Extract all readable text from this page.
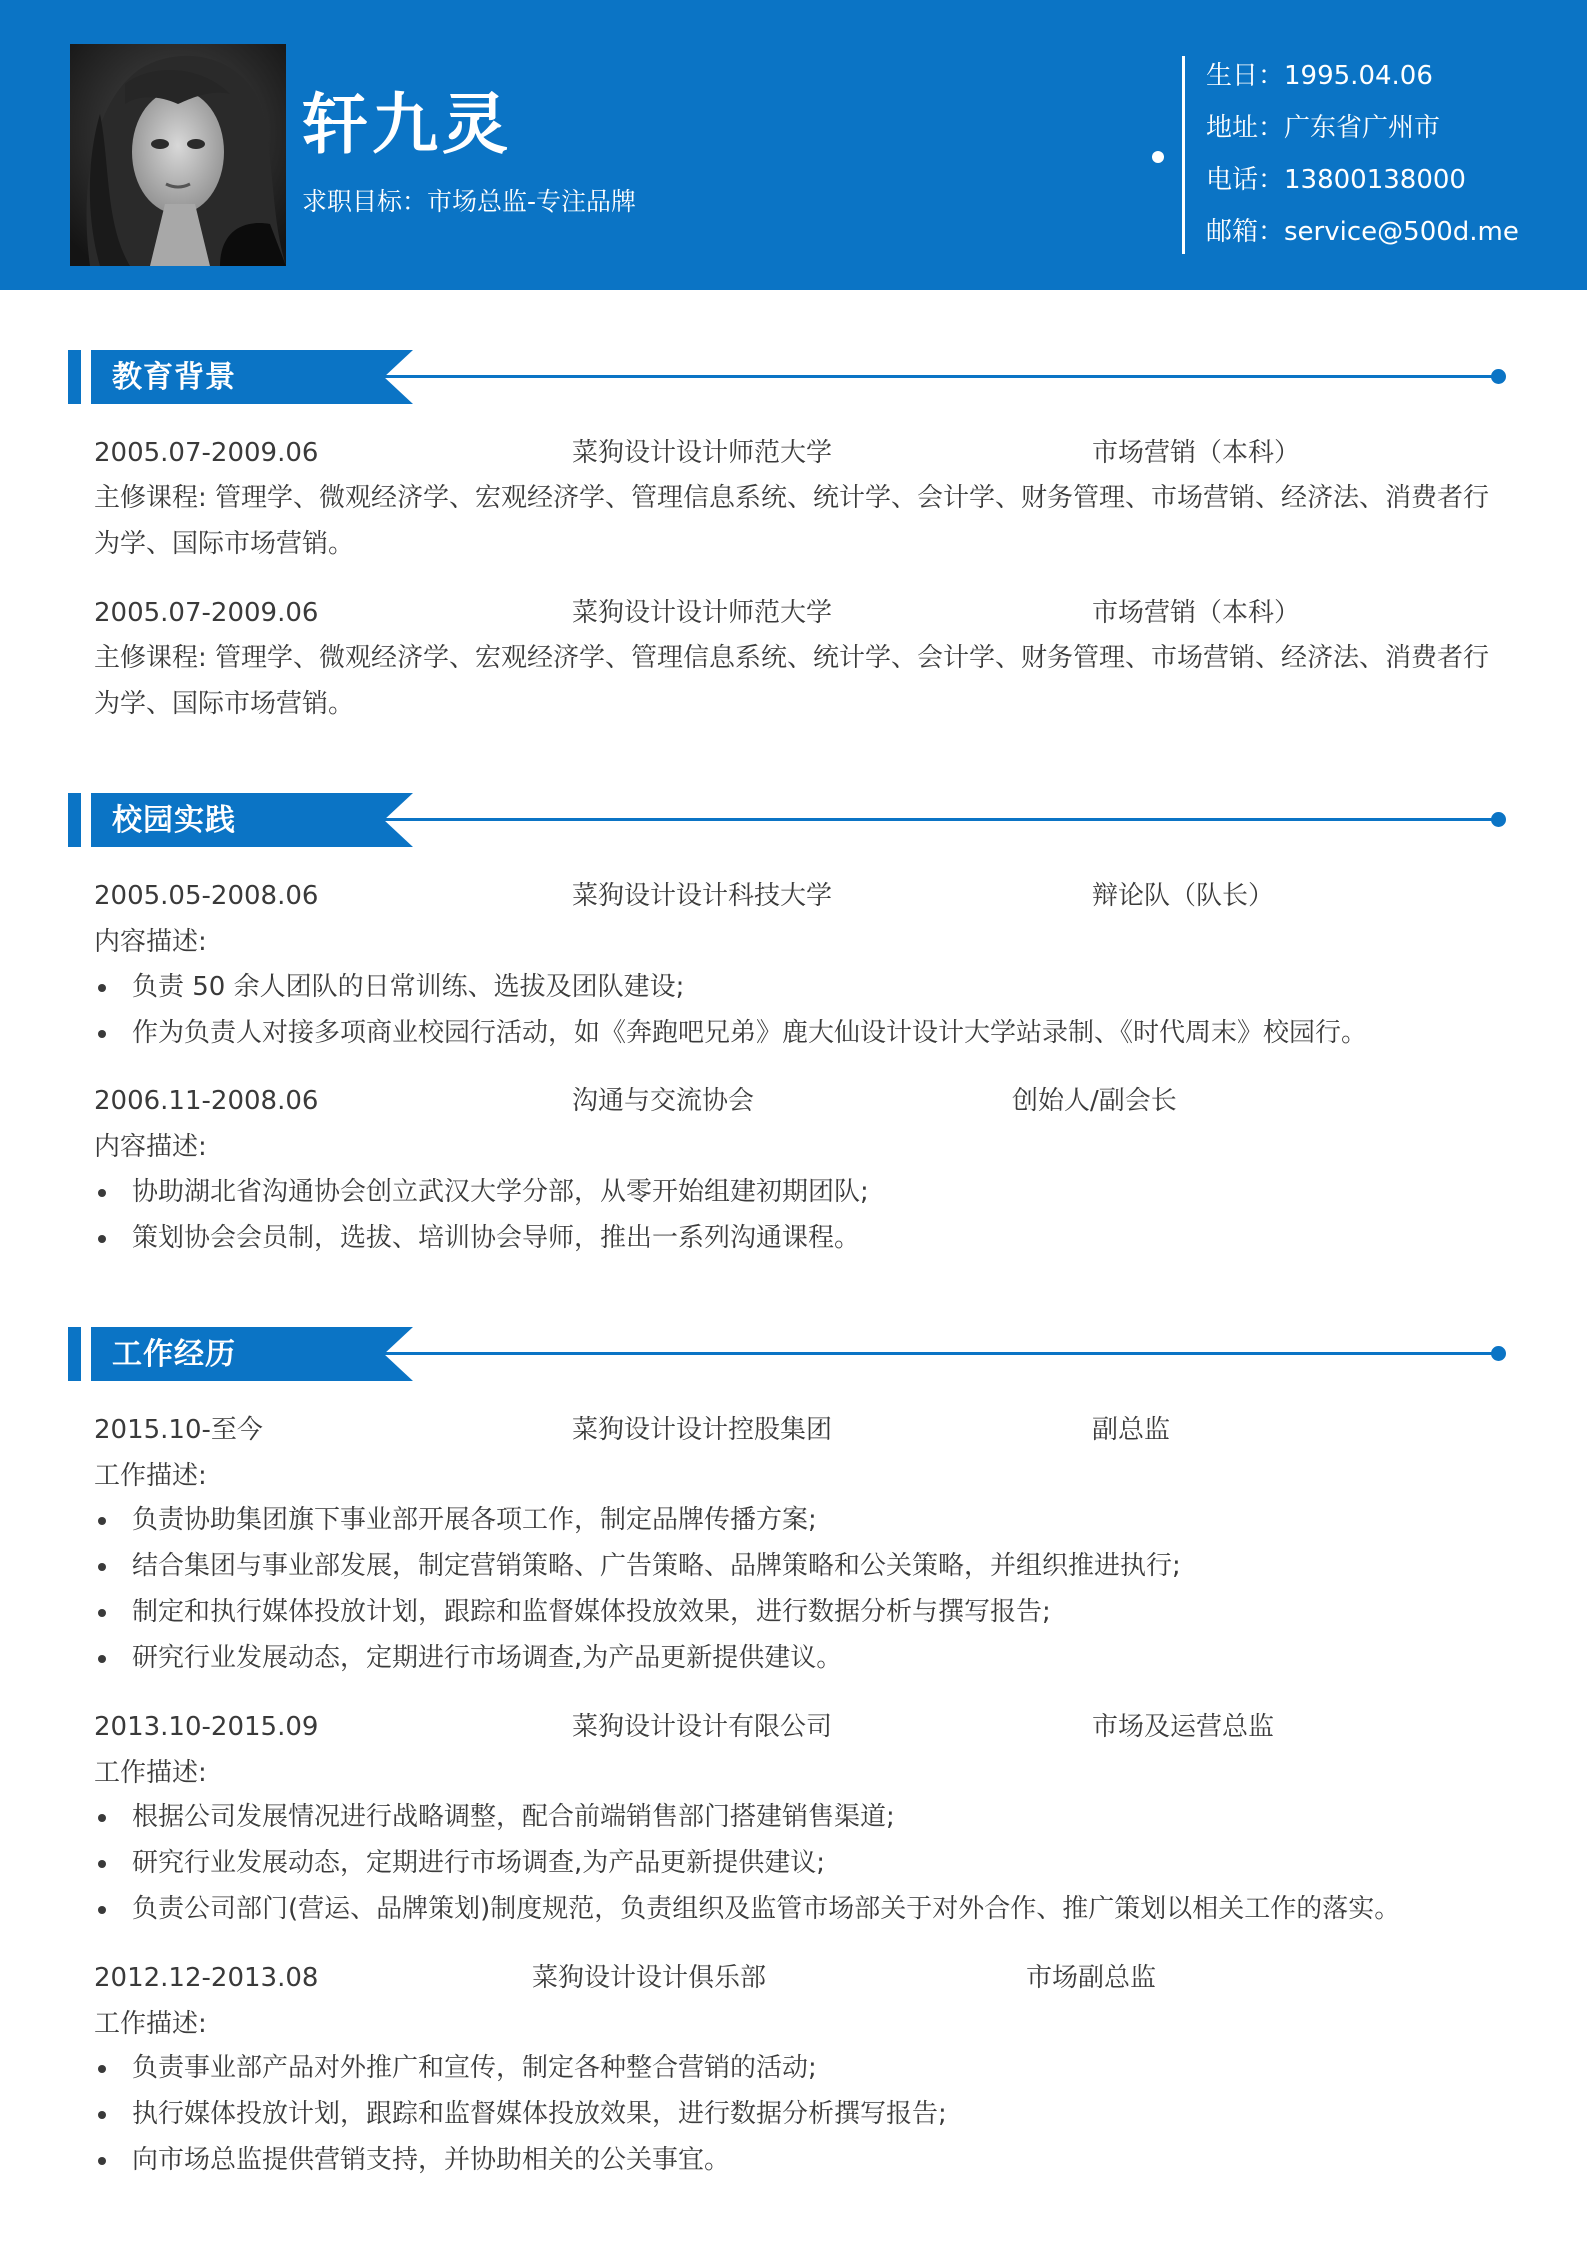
轩九灵
求职目标：市场总监-专注品牌
生日：1995.04.06
地址：广东省广州市
电话：13800138000
邮箱：service@500d.me
教育背景
2005.07-2009.06	菜狗设计设计师范大学	市场营销（本科）
主修课程: 管理学、微观经济学、宏观经济学、管理信息系统、统计学、会计学、财务管理、市场营销、经济法、消费者行为学、国际市场营销。
2005.07-2009.06	菜狗设计设计师范大学	市场营销（本科）
主修课程: 管理学、微观经济学、宏观经济学、管理信息系统、统计学、会计学、财务管理、市场营销、经济法、消费者行为学、国际市场营销。
校园实践
2005.05-2008.06	菜狗设计设计科技大学	辩论队（队长）
内容描述:
负责 50 余人团队的日常训练、选拔及团队建设;
作为负责人对接多项商业校园行活动，如《奔跑吧兄弟》鹿大仙设计设计大学站录制、《时代周末》校园行。
2006.11-2008.06	沟通与交流协会	创始人/副会长
内容描述:
协助湖北省沟通协会创立武汉大学分部，从零开始组建初期团队;
策划协会会员制，选拔、培训协会导师，推出一系列沟通课程。
工作经历
2015.10-至今	菜狗设计设计控股集团	副总监
工作描述:
负责协助集团旗下事业部开展各项工作，制定品牌传播方案;
结合集团与事业部发展，制定营销策略、广告策略、品牌策略和公关策略，并组织推进执行;
制定和执行媒体投放计划，跟踪和监督媒体投放效果，进行数据分析与撰写报告;
研究行业发展动态，定期进行市场调查,为产品更新提供建议。
2013.10-2015.09	菜狗设计设计有限公司	市场及运营总监
工作描述:
根据公司发展情况进行战略调整，配合前端销售部门搭建销售渠道;
研究行业发展动态，定期进行市场调查,为产品更新提供建议;
负责公司部门(营运、品牌策划)制度规范，负责组织及监管市场部关于对外合作、推广策划以相关工作的落实。
2012.12-2013.08	菜狗设计设计俱乐部	市场副总监
工作描述:
负责事业部产品对外推广和宣传，制定各种整合营销的活动;
执行媒体投放计划，跟踪和监督媒体投放效果，进行数据分析撰写报告;
向市场总监提供营销支持，并协助相关的公关事宜。
